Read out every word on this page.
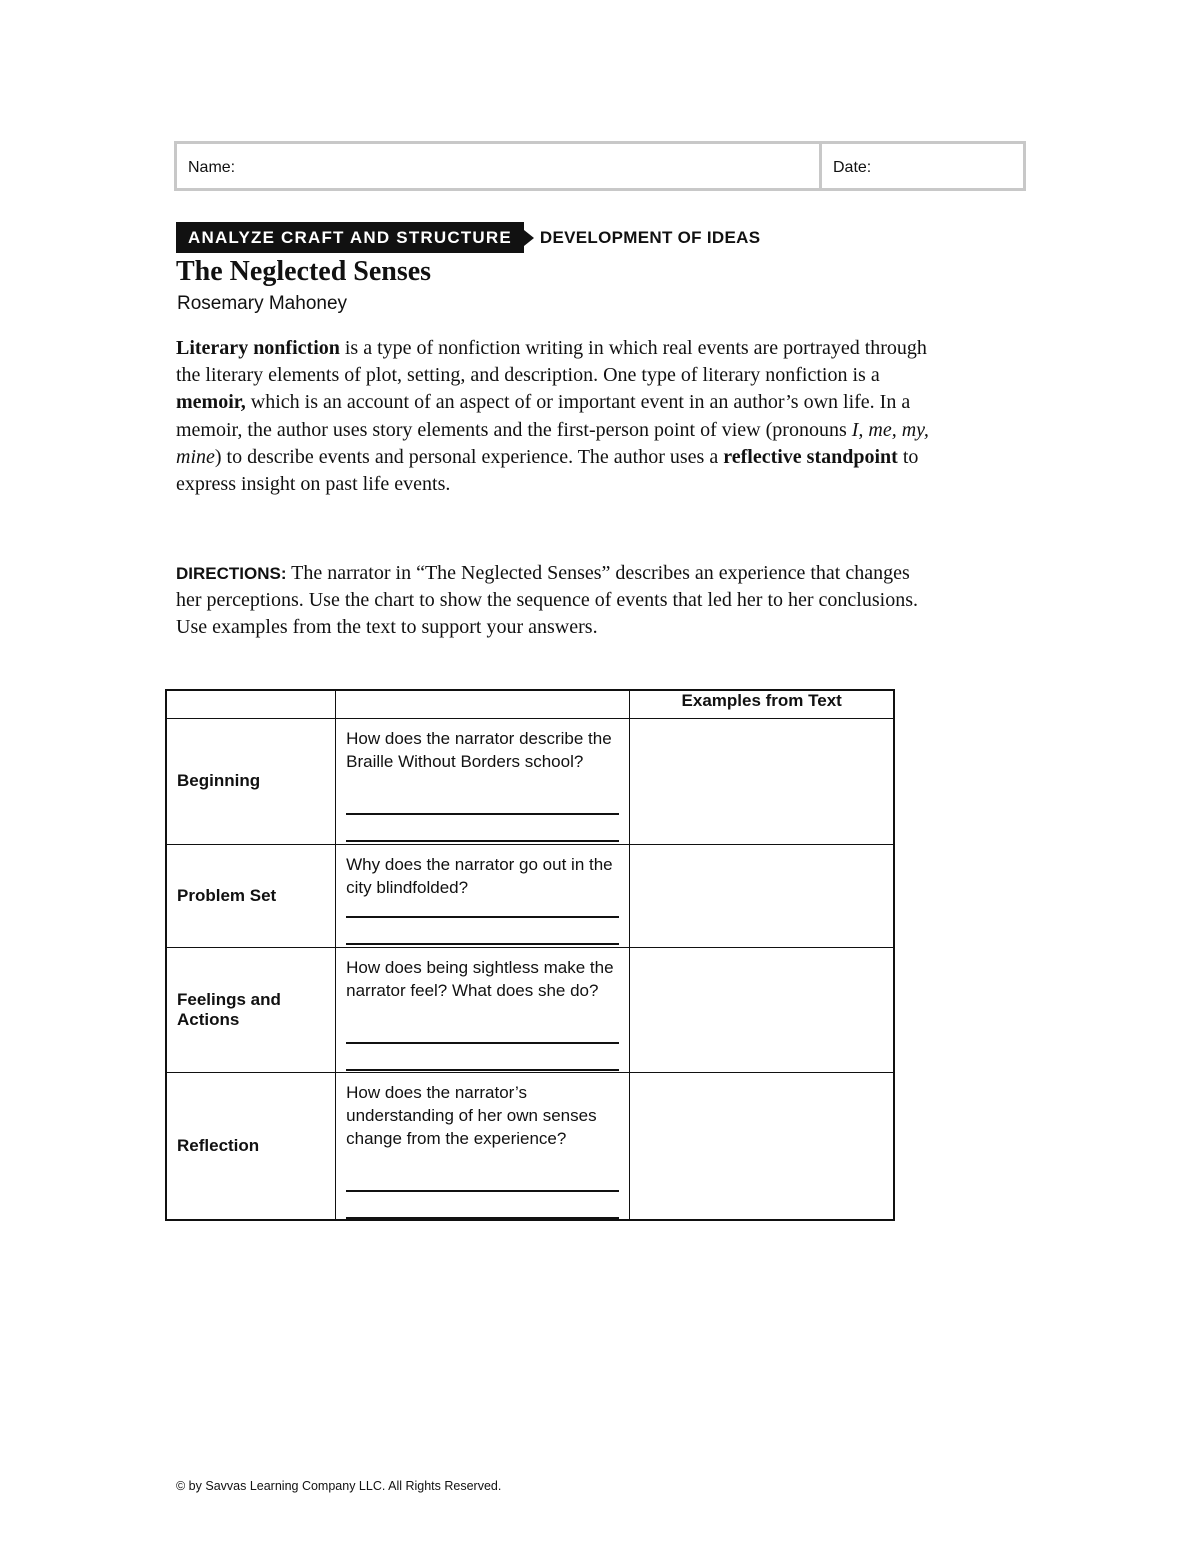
Name:	Date:
ANALYZE CRAFT AND STRUCTURE	DEVELOPMENT OF IDEAS
The Neglected Senses

Rosemary Mahoney

Literary nonfiction is a type of nonfiction writing in which real events are portrayed through the literary elements of plot, setting, and description. One type of literary nonfiction is a memoir, which is an account of an aspect of or important event in an author’s own life. In a memoir, the author uses story elements and the first-person point of view (pronouns I, me, my, mine) to describe events and personal experience. The author uses a reflective standpoint to express insight on past life events.

DIRECTIONS: The narrator in “The Neglected Senses” describes an experience that changes her perceptions. Use the chart to show the sequence of events that led her to her conclusions. Use examples from the text to support your answers.

		Examples from Text
Beginning	How does the narrator describe the Braille Without Borders school?	

Problem Set	Why does the narrator go out in the city blindfolded?	

Feelings and Actions	How does being sightless make the narrator feel? What does she do?	

Reflection	How does the narrator’s understanding of her own senses change from the experience?	

© by Savvas Learning Company LLC. All Rights Reserved.
